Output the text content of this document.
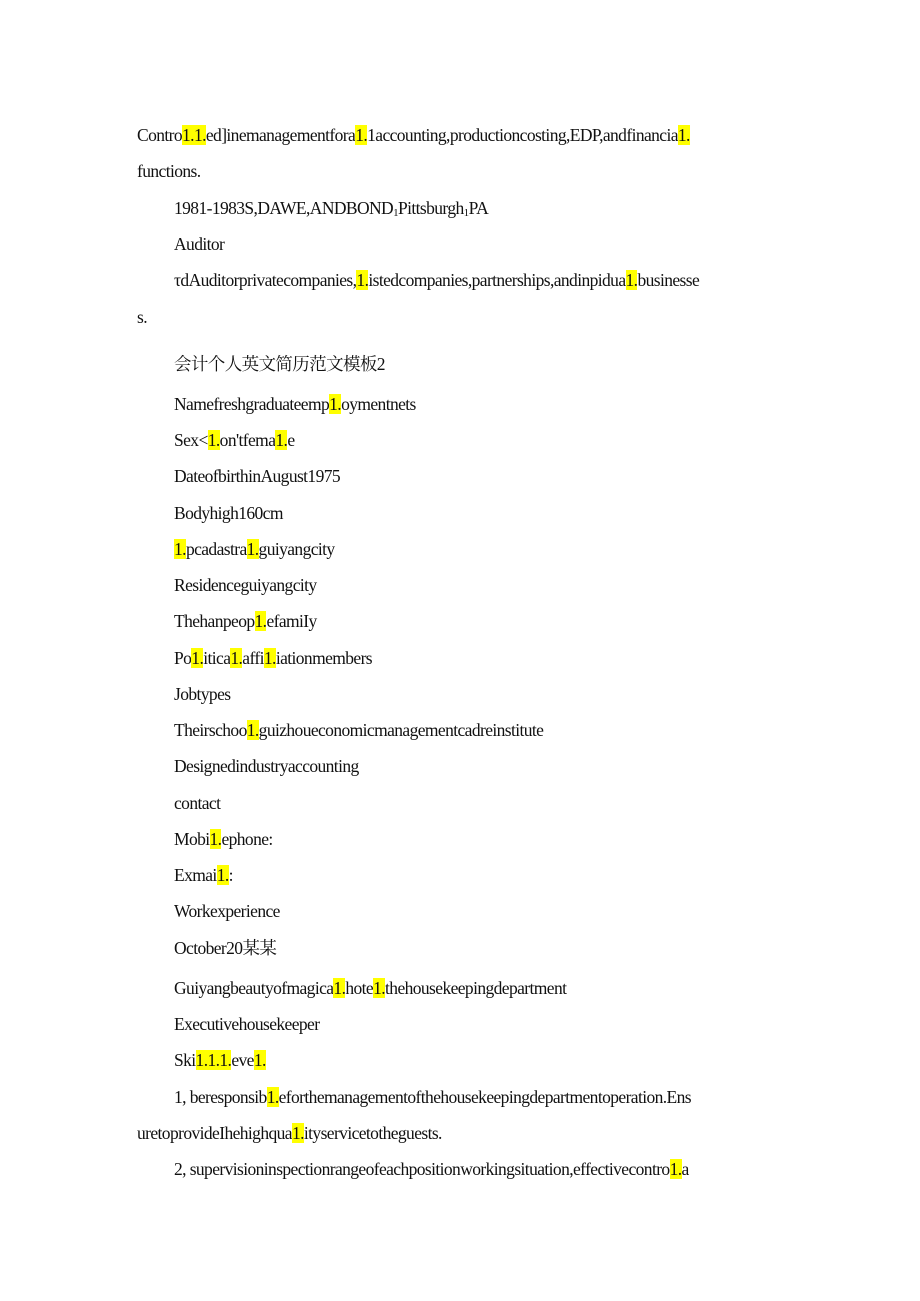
Contro1.1.ed]inemanagementfora1.1accounting,productioncosting,EDP,andfinancia1.
functions.
1981-1983S,DAWE,ANDBOND1Pittsburgh1PA
Auditor
τdAuditorprivatecompanies,1.istedcompanies,partnerships,andinpidua1.businesse
s.
会计个人英文简历范文模板2
Namefreshgraduateemp1.oymentnets
Sex<1.on'tfema1.e
DateofbirthinAugust1975
Bodyhigh160cm
1.pcadastra1.guiyangcity
Residenceguiyangcity
Thehanpeop1.efamiIy
Po1.itica1.affi1.iationmembers
Jobtypes
Theirschoo1.guizhoueconomicmanagementcadreinstitute
Designedindustryaccounting
contact
Mobi1.ephone:
Exmai1.:
Workexperience
October20某某
Guiyangbeautyofmagica1.hote1.thehousekeepingdepartment
Executivehousekeeper
Ski1.1.1.eve1.
1, beresponsib1.eforthemanagementofthehousekeepingdepartmentoperation.Ens
uretoprovideIhehighqua1.ityservicetotheguests.
2, supervisioninspectionrangeofeachpositionworkingsituation,effectivecontro1.a
